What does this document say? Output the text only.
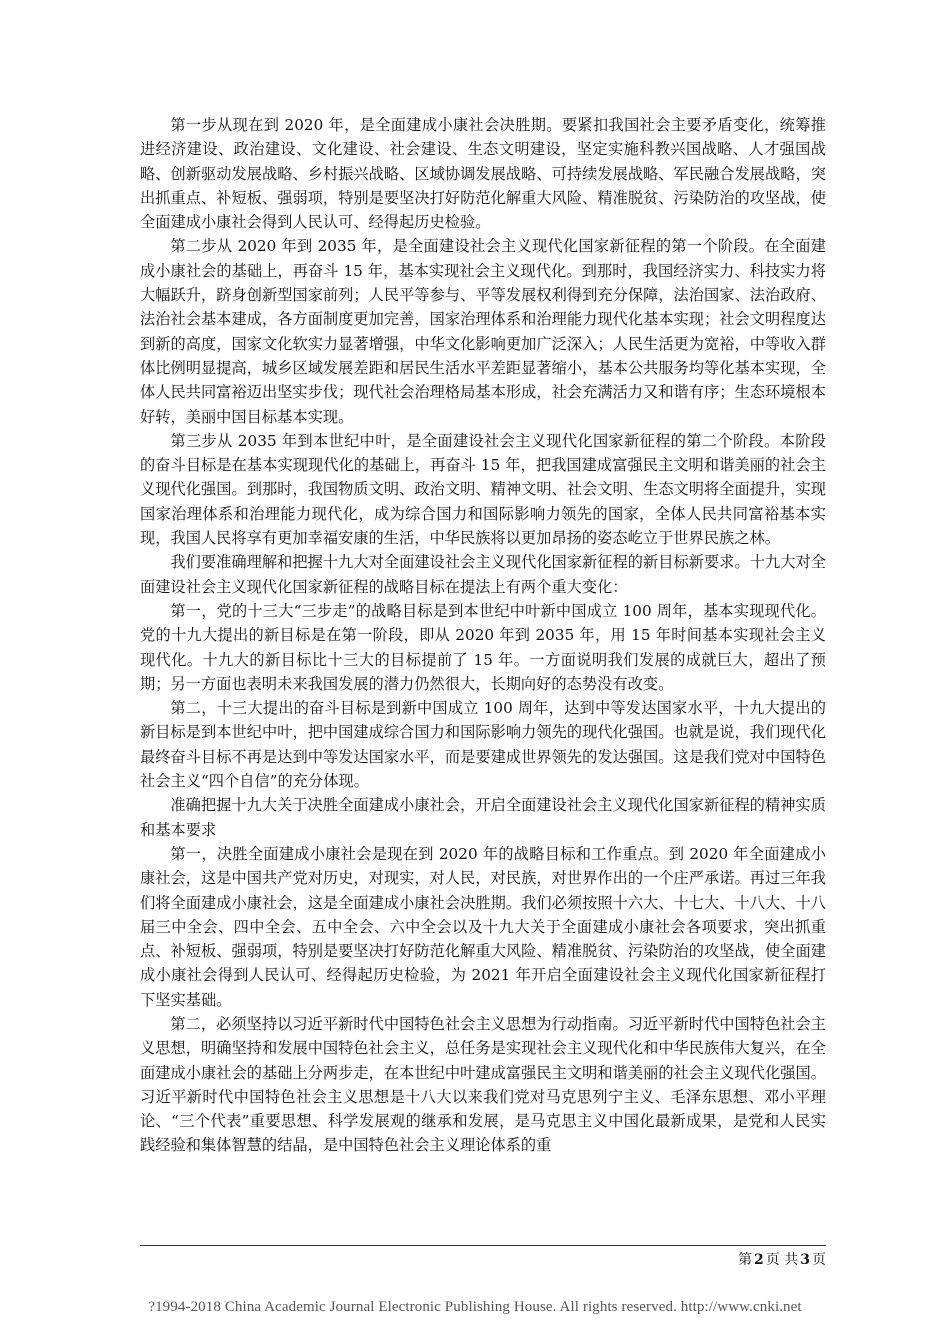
第一步从现在到 2020 年，是全面建成小康社会决胜期。要紧扣我国社会主要矛盾变化，统筹推进经济建设、政治建设、文化建设、社会建设、生态文明建设，坚定实施科教兴国战略、人才强国战略、创新驱动发展战略、乡村振兴战略、区域协调发展战略、可持续发展战略、军民融合发展战略，突出抓重点、补短板、强弱项，特别是要坚决打好防范化解重大风险、精准脱贫、污染防治的攻坚战，使全面建成小康社会得到人民认可、经得起历史检验。

第二步从 2020 年到 2035 年，是全面建设社会主义现代化国家新征程的第一个阶段。在全面建成小康社会的基础上，再奋斗 15 年，基本实现社会主义现代化。到那时，我国经济实力、科技实力将大幅跃升，跻身创新型国家前列；人民平等参与、平等发展权利得到充分保障，法治国家、法治政府、法治社会基本建成，各方面制度更加完善，国家治理体系和治理能力现代化基本实现；社会文明程度达到新的高度，国家文化软实力显著增强，中华文化影响更加广泛深入；人民生活更为宽裕，中等收入群体比例明显提高，城乡区域发展差距和居民生活水平差距显著缩小，基本公共服务均等化基本实现，全体人民共同富裕迈出坚实步伐；现代社会治理格局基本形成，社会充满活力又和谐有序；生态环境根本好转，美丽中国目标基本实现。

第三步从 2035 年到本世纪中叶，是全面建设社会主义现代化国家新征程的第二个阶段。本阶段的奋斗目标是在基本实现现代化的基础上，再奋斗 15 年，把我国建成富强民主文明和谐美丽的社会主义现代化强国。到那时，我国物质文明、政治文明、精神文明、社会文明、生态文明将全面提升，实现国家治理体系和治理能力现代化，成为综合国力和国际影响力领先的国家，全体人民共同富裕基本实现，我国人民将享有更加幸福安康的生活，中华民族将以更加昂扬的姿态屹立于世界民族之林。

我们要准确理解和把握十九大对全面建设社会主义现代化国家新征程的新目标新要求。十九大对全面建设社会主义现代化国家新征程的战略目标在提法上有两个重大变化：

第一，党的十三大“三步走”的战略目标是到本世纪中叶新中国成立 100 周年，基本实现现代化。党的十九大提出的新目标是在第一阶段，即从 2020 年到 2035 年，用 15 年时间基本实现社会主义现代化。十九大的新目标比十三大的目标提前了 15 年。一方面说明我们发展的成就巨大，超出了预期；另一方面也表明未来我国发展的潜力仍然很大，长期向好的态势没有改变。

第二，十三大提出的奋斗目标是到新中国成立 100 周年，达到中等发达国家水平，十九大提出的新目标是到本世纪中叶，把中国建成综合国力和国际影响力领先的现代化强国。也就是说，我们现代化最终奋斗目标不再是达到中等发达国家水平，而是要建成世界领先的发达强国。这是我们党对中国特色社会主义“四个自信”的充分体现。

准确把握十九大关于决胜全面建成小康社会，开启全面建设社会主义现代化国家新征程的精神实质和基本要求

第一，决胜全面建成小康社会是现在到 2020 年的战略目标和工作重点。到 2020 年全面建成小康社会，这是中国共产党对历史，对现实，对人民，对民族，对世界作出的一个庄严承诺。再过三年我们将全面建成小康社会，这是全面建成小康社会决胜期。我们必须按照十六大、十七大、十八大、十八届三中全会、四中全会、五中全会、六中全会以及十九大关于全面建成小康社会各项要求，突出抓重点、补短板、强弱项，特别是要坚决打好防范化解重大风险、精准脱贫、污染防治的攻坚战，使全面建成小康社会得到人民认可、经得起历史检验，为 2021 年开启全面建设社会主义现代化国家新征程打下坚实基础。

第二，必须坚持以习近平新时代中国特色社会主义思想为行动指南。习近平新时代中国特色社会主义思想，明确坚持和发展中国特色社会主义，总任务是实现社会主义现代化和中华民族伟大复兴，在全面建成小康社会的基础上分两步走，在本世纪中叶建成富强民主文明和谐美丽的社会主义现代化强国。习近平新时代中国特色社会主义思想是十八大以来我们党对马克思列宁主义、毛泽东思想、邓小平理论、“三个代表”重要思想、科学发展观的继承和发展，是马克思主义中国化最新成果，是党和人民实践经验和集体智慧的结晶，是中国特色社会主义理论体系的重

第 2 页 共 3 页
?1994-2018 China Academic Journal Electronic Publishing House. All rights reserved. http://www.cnki.net
